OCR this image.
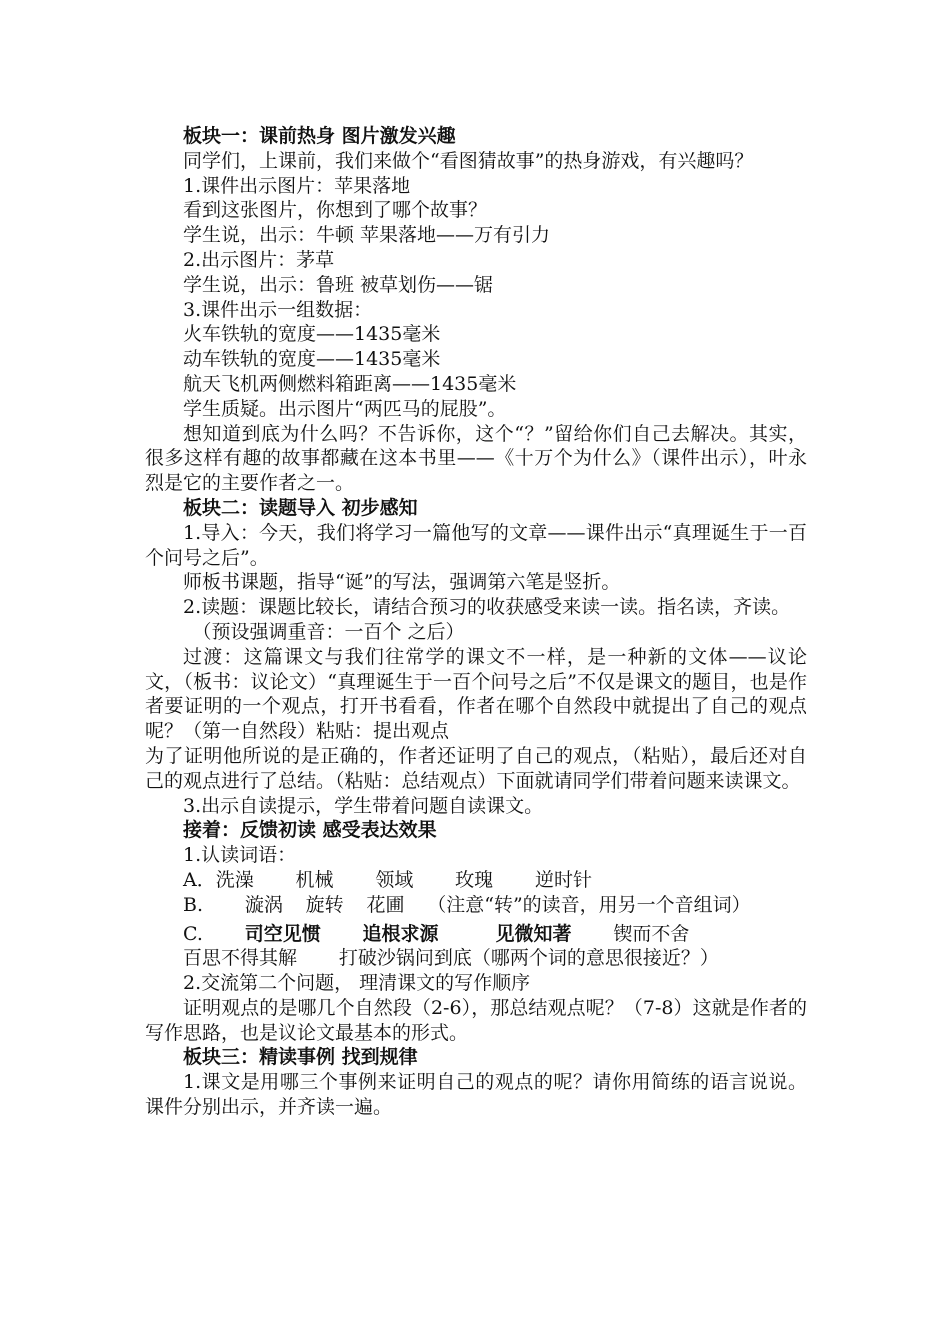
板块一：课前热身 图片激发兴趣

同学们，上课前，我们来做个“看图猜故事”的热身游戏，有兴趣吗？

1.课件出示图片：苹果落地

看到这张图片，你想到了哪个故事？

学生说，出示：牛顿 苹果落地——万有引力

2.出示图片：茅草

学生说，出示：鲁班 被草划伤——锯

3.课件出示一组数据：

火车铁轨的宽度——1435毫米

动车铁轨的宽度——1435毫米

航天飞机两侧燃料箱距离——1435毫米

学生质疑。出示图片“两匹马的屁股”。

想知道到底为什么吗？不告诉你，这个“？”留给你们自己去解决。其实，很多这样有趣的故事都藏在这本书里——《十万个为什么》（课件出示），叶永烈是它的主要作者之一。

板块二：读题导入 初步感知

1.导入：今天，我们将学习一篇他写的文章——课件出示“真理诞生于一百个问号之后”。

师板书课题，指导“诞”的写法，强调第六笔是竖折。

2.读题：课题比较长，请结合预习的收获感受来读一读。指名读，齐读。

（预设强调重音：一百个 之后）

过渡：这篇课文与我们往常学的课文不一样，是一种新的文体——议论文，（板书：议论文）“真理诞生于一百个问号之后”不仅是课文的题目，也是作者要证明的一个观点，打开书看看，作者在哪个自然段中就提出了自己的观点呢？（第一自然段）粘贴：提出观点

为了证明他所说的是正确的，作者还证明了自己的观点，（粘贴），最后还对自己的观点进行了总结。（粘贴：总结观点）下面就请同学们带着问题来读课文。

3.出示自读提示，学生带着问题自读课文。

接着：反馈初读 感受表达效果

1.认读词语：

A．洗澡 机械 领域 玫瑰 逆时针

B. 漩涡 旋转 花圃 （注意“转”的读音，用另一个音组词）

C. 司空见惯 追根求源	见微知著 锲而不舍

百思不得其解 打破沙锅问到底（哪两个词的意思很接近？）

2.交流第二个问题， 理清课文的写作顺序

证明观点的是哪几个自然段（2-6），那总结观点呢？（7-8）这就是作者的写作思路，也是议论文最基本的形式。

板块三：精读事例 找到规律

1.课文是用哪三个事例来证明自己的观点的呢？请你用简练的语言说说。课件分别出示，并齐读一遍。
